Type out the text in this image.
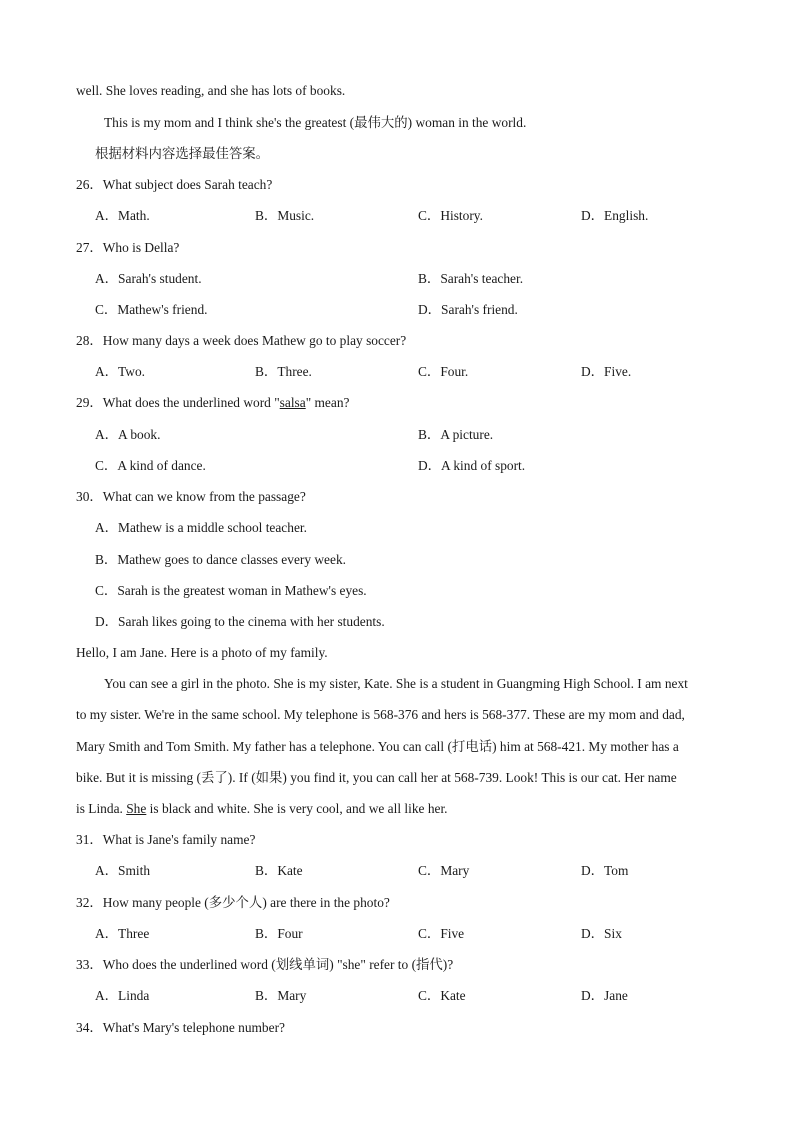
well. She loves reading, and she has lots of books.
This is my mom and I think she's the greatest (最伟大的) woman in the world.
根据材料内容选择最佳答案。
26．What subject does Sarah teach?
A．Math.	B．Music.	C．History.	D．English.
27．Who is Della?
A．Sarah's student.	B．Sarah's teacher.
C．Mathew's friend.	D．Sarah's friend.
28．How many days a week does Mathew go to play soccer?
A．Two.	B．Three.	C．Four.	D．Five.
29．What does the underlined word "salsa" mean?
A．A book.	B．A picture.
C．A kind of dance.	D．A kind of sport.
30．What can we know from the passage?
A．Mathew is a middle school teacher.
B．Mathew goes to dance classes every week.
C．Sarah is the greatest woman in Mathew's eyes.
D．Sarah likes going to the cinema with her students.
Hello, I am Jane. Here is a photo of my family.
You can see a girl in the photo. She is my sister, Kate. She is a student in Guangming High School. I am next
to my sister. We're in the same school. My telephone is 568-376 and hers is 568-377. These are my mom and dad,
Mary Smith and Tom Smith. My father has a telephone. You can call (打电话) him at 568-421. My mother has a
bike. But it is missing (丢了). If (如果) you find it, you can call her at 568-739. Look! This is our cat. Her name
is Linda. She is black and white. She is very cool, and we all like her.
31．What is Jane's family name?
A．Smith	B．Kate	C．Mary	D．Tom
32．How many people (多少个人) are there in the photo?
A．Three	B．Four	C．Five	D．Six
33．Who does the underlined word (划线单词) "she" refer to (指代)?
A．Linda	B．Mary	C．Kate	D．Jane
34．What's Mary's telephone number?
